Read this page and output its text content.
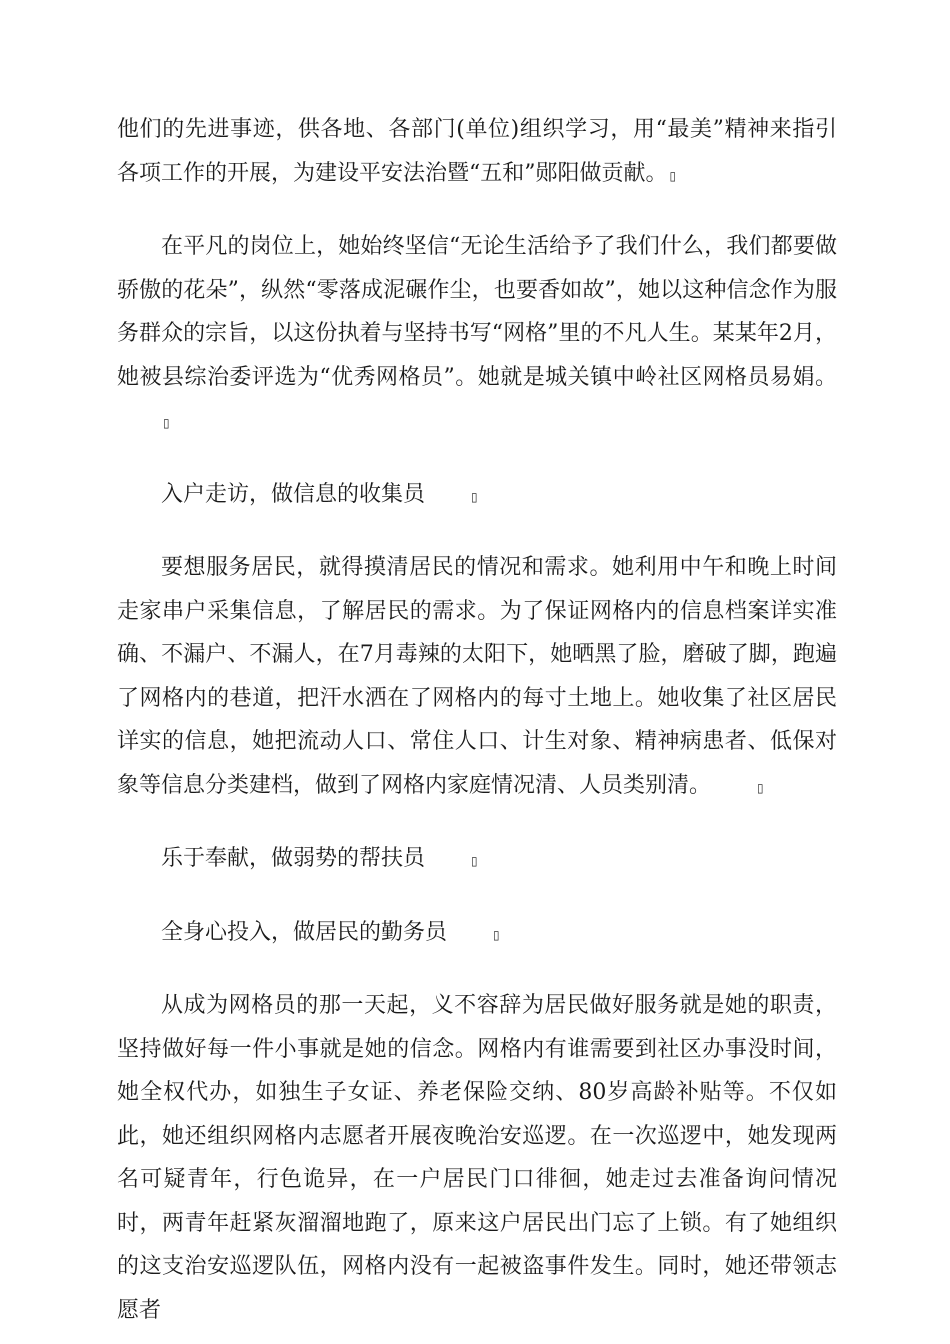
他们的先进事迹，供各地、各部门(单位)组织学习，用“最美”精神来指引各项工作的开展，为建设平安法治暨“五和”郧阳做贡献。 ▯

在平凡的岗位上，她始终坚信“无论生活给予了我们什么，我们都要做骄傲的花朵”，纵然“零落成泥碾作尘，也要香如故”，她以这种信念作为服务群众的宗旨，以这份执着与坚持书写“网格”里的不凡人生。某某年2月，她被县综治委评选为“优秀网格员”。她就是城关镇中岭社区网格员易娟。▯

入户走访，做信息的收集员	▯

要想服务居民，就得摸清居民的情况和需求。她利用中午和晚上时间走家串户采集信息，了解居民的需求。为了保证网格内的信息档案详实准确、不漏户、不漏人，在7月毒辣的太阳下，她晒黑了脸，磨破了脚，跑遍了网格内的巷道，把汗水洒在了网格内的每寸土地上。她收集了社区居民详实的信息，她把流动人口、常住人口、计生对象、精神病患者、低保对象等信息分类建档，做到了网格内家庭情况清、人员类别清。	▯

乐于奉献，做弱势的帮扶员	▯

全身心投入，做居民的勤务员	▯

从成为网格员的那一天起，义不容辞为居民做好服务就是她的职责，坚持做好每一件小事就是她的信念。网格内有谁需要到社区办事没时间，她全权代办，如独生子女证、养老保险交纳、80岁高龄补贴等。不仅如此，她还组织网格内志愿者开展夜晚治安巡逻。在一次巡逻中，她发现两名可疑青年，行色诡异，在一户居民门口徘徊，她走过去准备询问情况时，两青年赶紧灰溜溜地跑了，原来这户居民出门忘了上锁。有了她组织的这支治安巡逻队伍，网格内没有一起被盗事件发生。同时，她还带领志愿者
